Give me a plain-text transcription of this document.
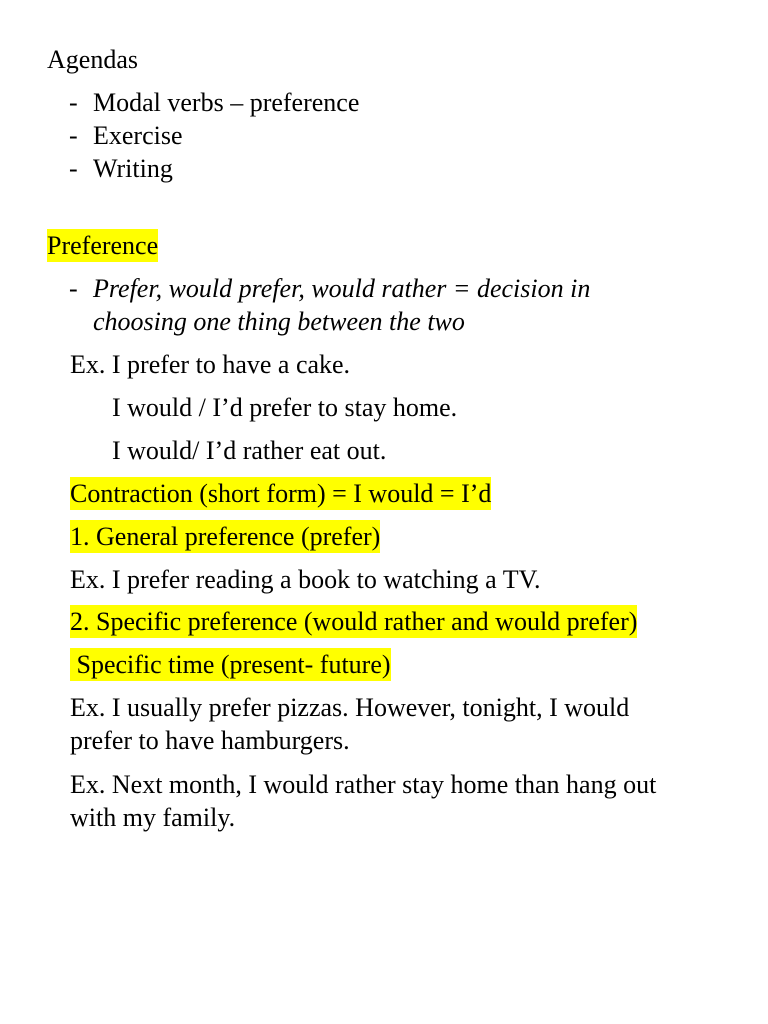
Agendas
- Modal verbs – preference
- Exercise
- Writing
Preference
- Prefer, would prefer, would rather = decision in
choosing one thing between the two
Ex. I prefer to have a cake.
I would / I’d prefer to stay home.
I would/ I’d rather eat out.
Contraction (short form) = I would = I’d
1. General preference (prefer)
Ex. I prefer reading a book to watching a TV.
2. Specific preference (would rather and would prefer)
Specific time (present- future)
Ex. I usually prefer pizzas. However, tonight, I would
prefer to have hamburgers.
Ex. Next month, I would rather stay home than hang out
with my family.
